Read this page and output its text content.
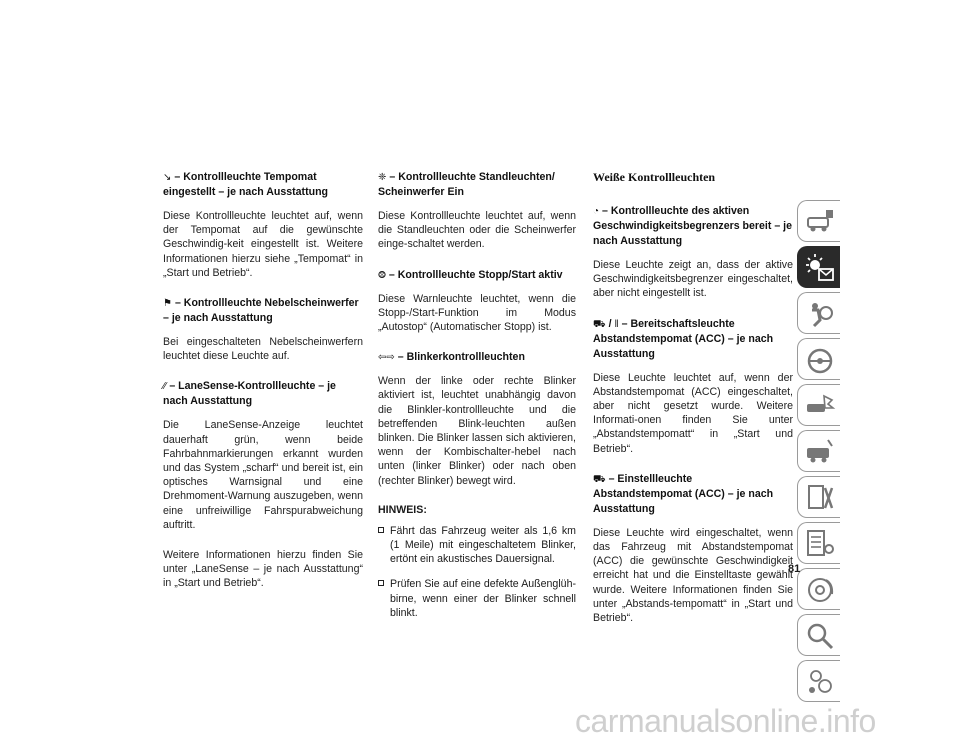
↘ – Kontrollleuchte Tempomat eingestellt – je nach Ausstattung
Diese Kontrollleuchte leuchtet auf, wenn der Tempomat auf die gewünschte Geschwindig-keit eingestellt ist. Weitere Informationen hierzu siehe „Tempomat“ in „Start und Betrieb“.
⚑ – Kontrollleuchte Nebelscheinwerfer – je nach Ausstattung
Bei eingeschalteten Nebelscheinwerfern leuchtet diese Leuchte auf.
∕∕ – LaneSense-Kontrollleuchte – je nach Ausstattung
Die LaneSense-Anzeige leuchtet dauerhaft grün, wenn beide Fahrbahnmarkierungen erkannt wurden und das System „scharf“ und bereit ist, ein optisches Warnsignal und eine Drehmoment-Warnung auszugeben, wenn eine unfreiwillige Fahrspurabweichung auftritt.
Weitere Informationen hierzu finden Sie unter „LaneSense – je nach Ausstattung“ in „Start und Betrieb“.
❈ – Kontrollleuchte Standleuchten/ Scheinwerfer Ein
Diese Kontrollleuchte leuchtet auf, wenn die Standleuchten oder die Scheinwerfer einge-schaltet werden.
⨷ – Kontrollleuchte Stopp/Start aktiv
Diese Warnleuchte leuchtet, wenn die Stopp-/Start-Funktion im Modus „Autostop“ (Automatischer Stopp) ist.
⇦⇨ – Blinkerkontrollleuchten
Wenn der linke oder rechte Blinker aktiviert ist, leuchtet unabhängig davon die Blinkler-kontrollleuchte und die betreffenden Blink-leuchten außen blinken. Die Blinker lassen sich aktivieren, wenn der Kombischalter-hebel nach unten (linker Blinker) oder nach oben (rechter Blinker) bewegt wird.
HINWEIS:
Fährt das Fahrzeug weiter als 1,6 km (1 Meile) mit eingeschaltetem Blinker, ertönt ein akustisches Dauersignal.
Prüfen Sie auf eine defekte Außenglüh-birne, wenn einer der Blinker schnell blinkt.
Weiße Kontrollleuchten
◔ – Kontrollleuchte des aktiven Geschwindigkeitsbegrenzers bereit – je nach Ausstattung
Diese Leuchte zeigt an, dass der aktive Geschwindigkeitsbegrenzer eingeschaltet, aber nicht eingestellt ist.
⛟ / ‖ – Bereitschaftsleuchte Abstandstempomat (ACC) – je nach Ausstattung
Diese Leuchte leuchtet auf, wenn der Abstandstempomat (ACC) eingeschaltet, aber nicht gesetzt wurde. Weitere Informati-onen finden Sie unter „Abstandstempomatt“ in „Start und Betrieb“.
⛟ – Einstellleuchte Abstandstempomat (ACC) – je nach Ausstattung
Diese Leuchte wird eingeschaltet, wenn das Fahrzeug mit Abstandstempomat (ACC) die gewünschte Geschwindigkeit erreicht hat und die Einstelltaste gewählt wurde. Weitere Informationen finden Sie unter „Abstands-tempomatt“ in „Start und Betrieb“.
81
carmanualsonline.info
